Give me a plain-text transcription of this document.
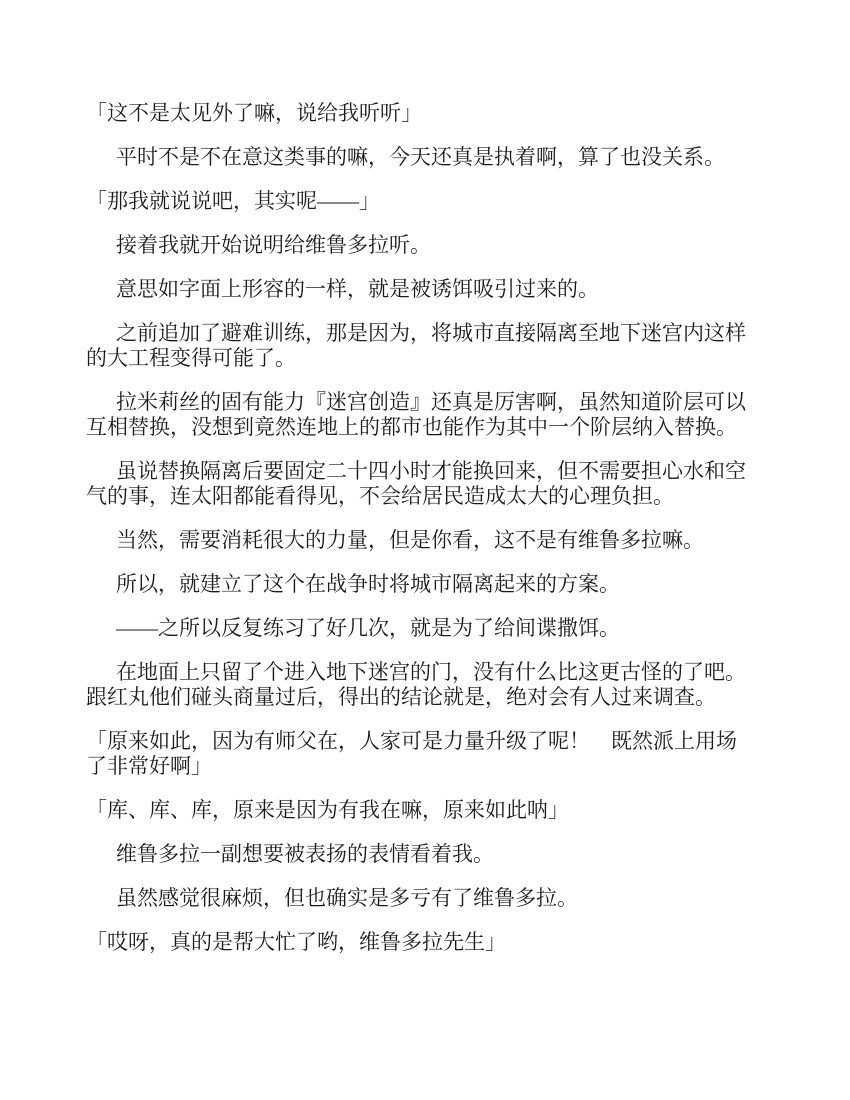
「这不是太见外了嘛，说给我听听」

平时不是不在意这类事的嘛，今天还真是执着啊，算了也没关系。

「那我就说说吧，其实呢——」

接着我就开始说明给维鲁多拉听。

意思如字面上形容的一样，就是被诱饵吸引过来的。

之前追加了避难训练，那是因为，将城市直接隔离至地下迷宫内这样的大工程变得可能了。

拉米莉丝的固有能力『迷宫创造』还真是厉害啊，虽然知道阶层可以互相替换，没想到竟然连地上的都市也能作为其中一个阶层纳入替换。

虽说替换隔离后要固定二十四小时才能换回来，但不需要担心水和空气的事，连太阳都能看得见，不会给居民造成太大的心理负担。

当然，需要消耗很大的力量，但是你看，这不是有维鲁多拉嘛。

所以，就建立了这个在战争时将城市隔离起来的方案。

——之所以反复练习了好几次，就是为了给间谍撒饵。

在地面上只留了个进入地下迷宫的门，没有什么比这更古怪的了吧。跟红丸他们碰头商量过后，得出的结论就是，绝对会有人过来调查。

「原来如此，因为有师父在，人家可是力量升级了呢！　既然派上用场了非常好啊」

「库、库、库，原来是因为有我在嘛，原来如此呐」

维鲁多拉一副想要被表扬的表情看着我。

虽然感觉很麻烦，但也确实是多亏有了维鲁多拉。

「哎呀，真的是帮大忙了哟，维鲁多拉先生」
